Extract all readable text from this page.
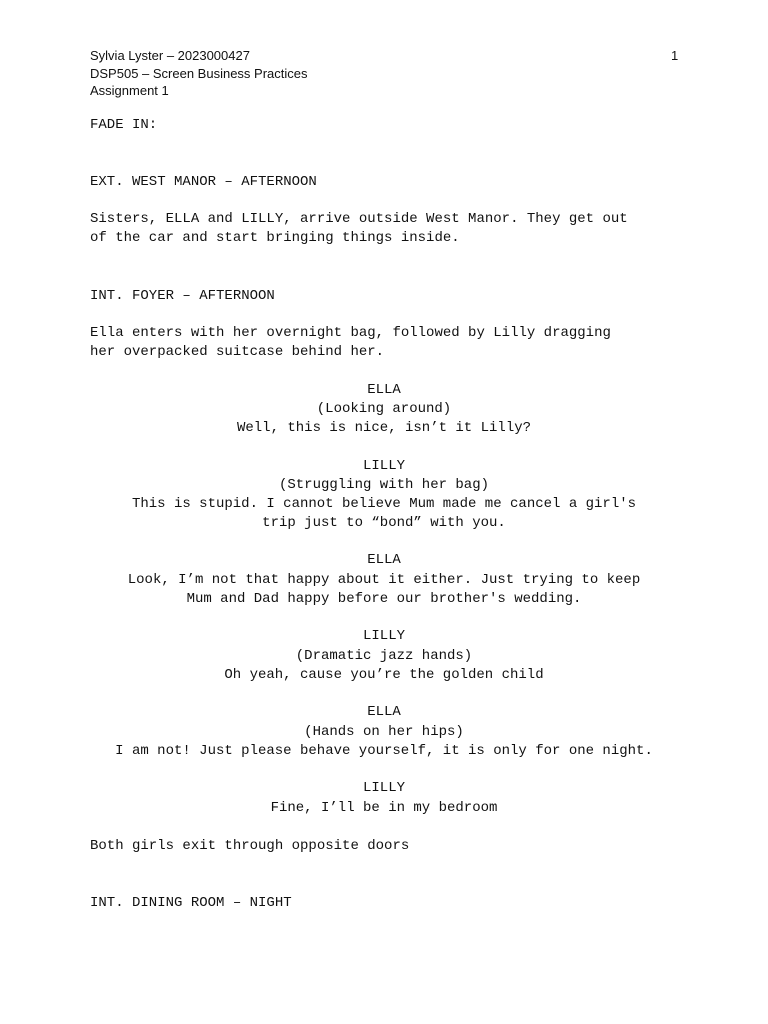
Sylvia Lyster – 2023000427
DSP505 – Screen Business Practices
Assignment 1
1
FADE IN:
EXT. WEST MANOR – AFTERNOON
Sisters, ELLA and LILLY, arrive outside West Manor. They get out
of the car and start bringing things inside.
INT. FOYER – AFTERNOON
Ella enters with her overnight bag, followed by Lilly dragging
her overpacked suitcase behind her.
ELLA
(Looking around)
Well, this is nice, isn’t it Lilly?
LILLY
(Struggling with her bag)
This is stupid. I cannot believe Mum made me cancel a girl's
trip just to “bond” with you.
ELLA
Look, I’m not that happy about it either. Just trying to keep
Mum and Dad happy before our brother's wedding.
LILLY
(Dramatic jazz hands)
Oh yeah, cause you’re the golden child
ELLA
(Hands on her hips)
I am not! Just please behave yourself, it is only for one night.
LILLY
Fine, I’ll be in my bedroom
Both girls exit through opposite doors
INT. DINING ROOM – NIGHT
